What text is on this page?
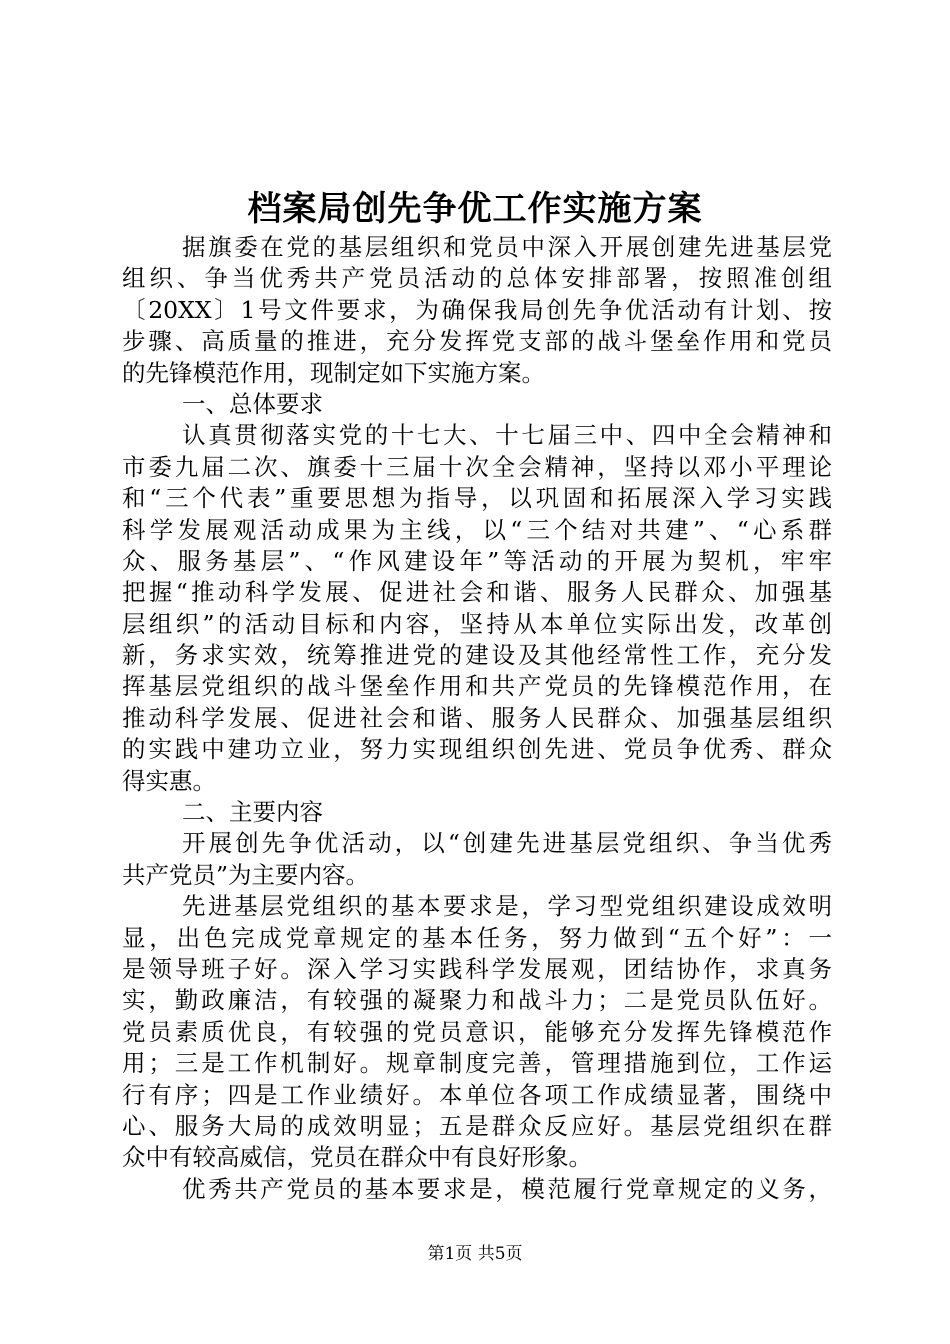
档案局创先争优工作实施方案
据旗委在党的基层组织和党员中深入开展创建先进基层党
组织、争当优秀共产党员活动的总体安排部署，按照准创组
〔20XX〕1号文件要求，为确保我局创先争优活动有计划、按
步骤、高质量的推进，充分发挥党支部的战斗堡垒作用和党员
的先锋模范作用，现制定如下实施方案。
一、总体要求
认真贯彻落实党的十七大、十七届三中、四中全会精神和
市委九届二次、旗委十三届十次全会精神，坚持以邓小平理论
和“三个代表”重要思想为指导，以巩固和拓展深入学习实践
科学发展观活动成果为主线，以“三个结对共建”、“心系群
众、服务基层”、“作风建设年”等活动的开展为契机，牢牢
把握“推动科学发展、促进社会和谐、服务人民群众、加强基
层组织”的活动目标和内容，坚持从本单位实际出发，改革创
新，务求实效，统筹推进党的建设及其他经常性工作，充分发
挥基层党组织的战斗堡垒作用和共产党员的先锋模范作用，在
推动科学发展、促进社会和谐、服务人民群众、加强基层组织
的实践中建功立业，努力实现组织创先进、党员争优秀、群众
得实惠。
二、主要内容
开展创先争优活动，以“创建先进基层党组织、争当优秀
共产党员”为主要内容。
先进基层党组织的基本要求是，学习型党组织建设成效明
显，出色完成党章规定的基本任务，努力做到“五个好”：一
是领导班子好。深入学习实践科学发展观，团结协作，求真务
实，勤政廉洁，有较强的凝聚力和战斗力；二是党员队伍好。
党员素质优良，有较强的党员意识，能够充分发挥先锋模范作
用；三是工作机制好。规章制度完善，管理措施到位，工作运
行有序；四是工作业绩好。本单位各项工作成绩显著，围绕中
心、服务大局的成效明显；五是群众反应好。基层党组织在群
众中有较高威信，党员在群众中有良好形象。
优秀共产党员的基本要求是，模范履行党章规定的义务，
第1页 共5页
